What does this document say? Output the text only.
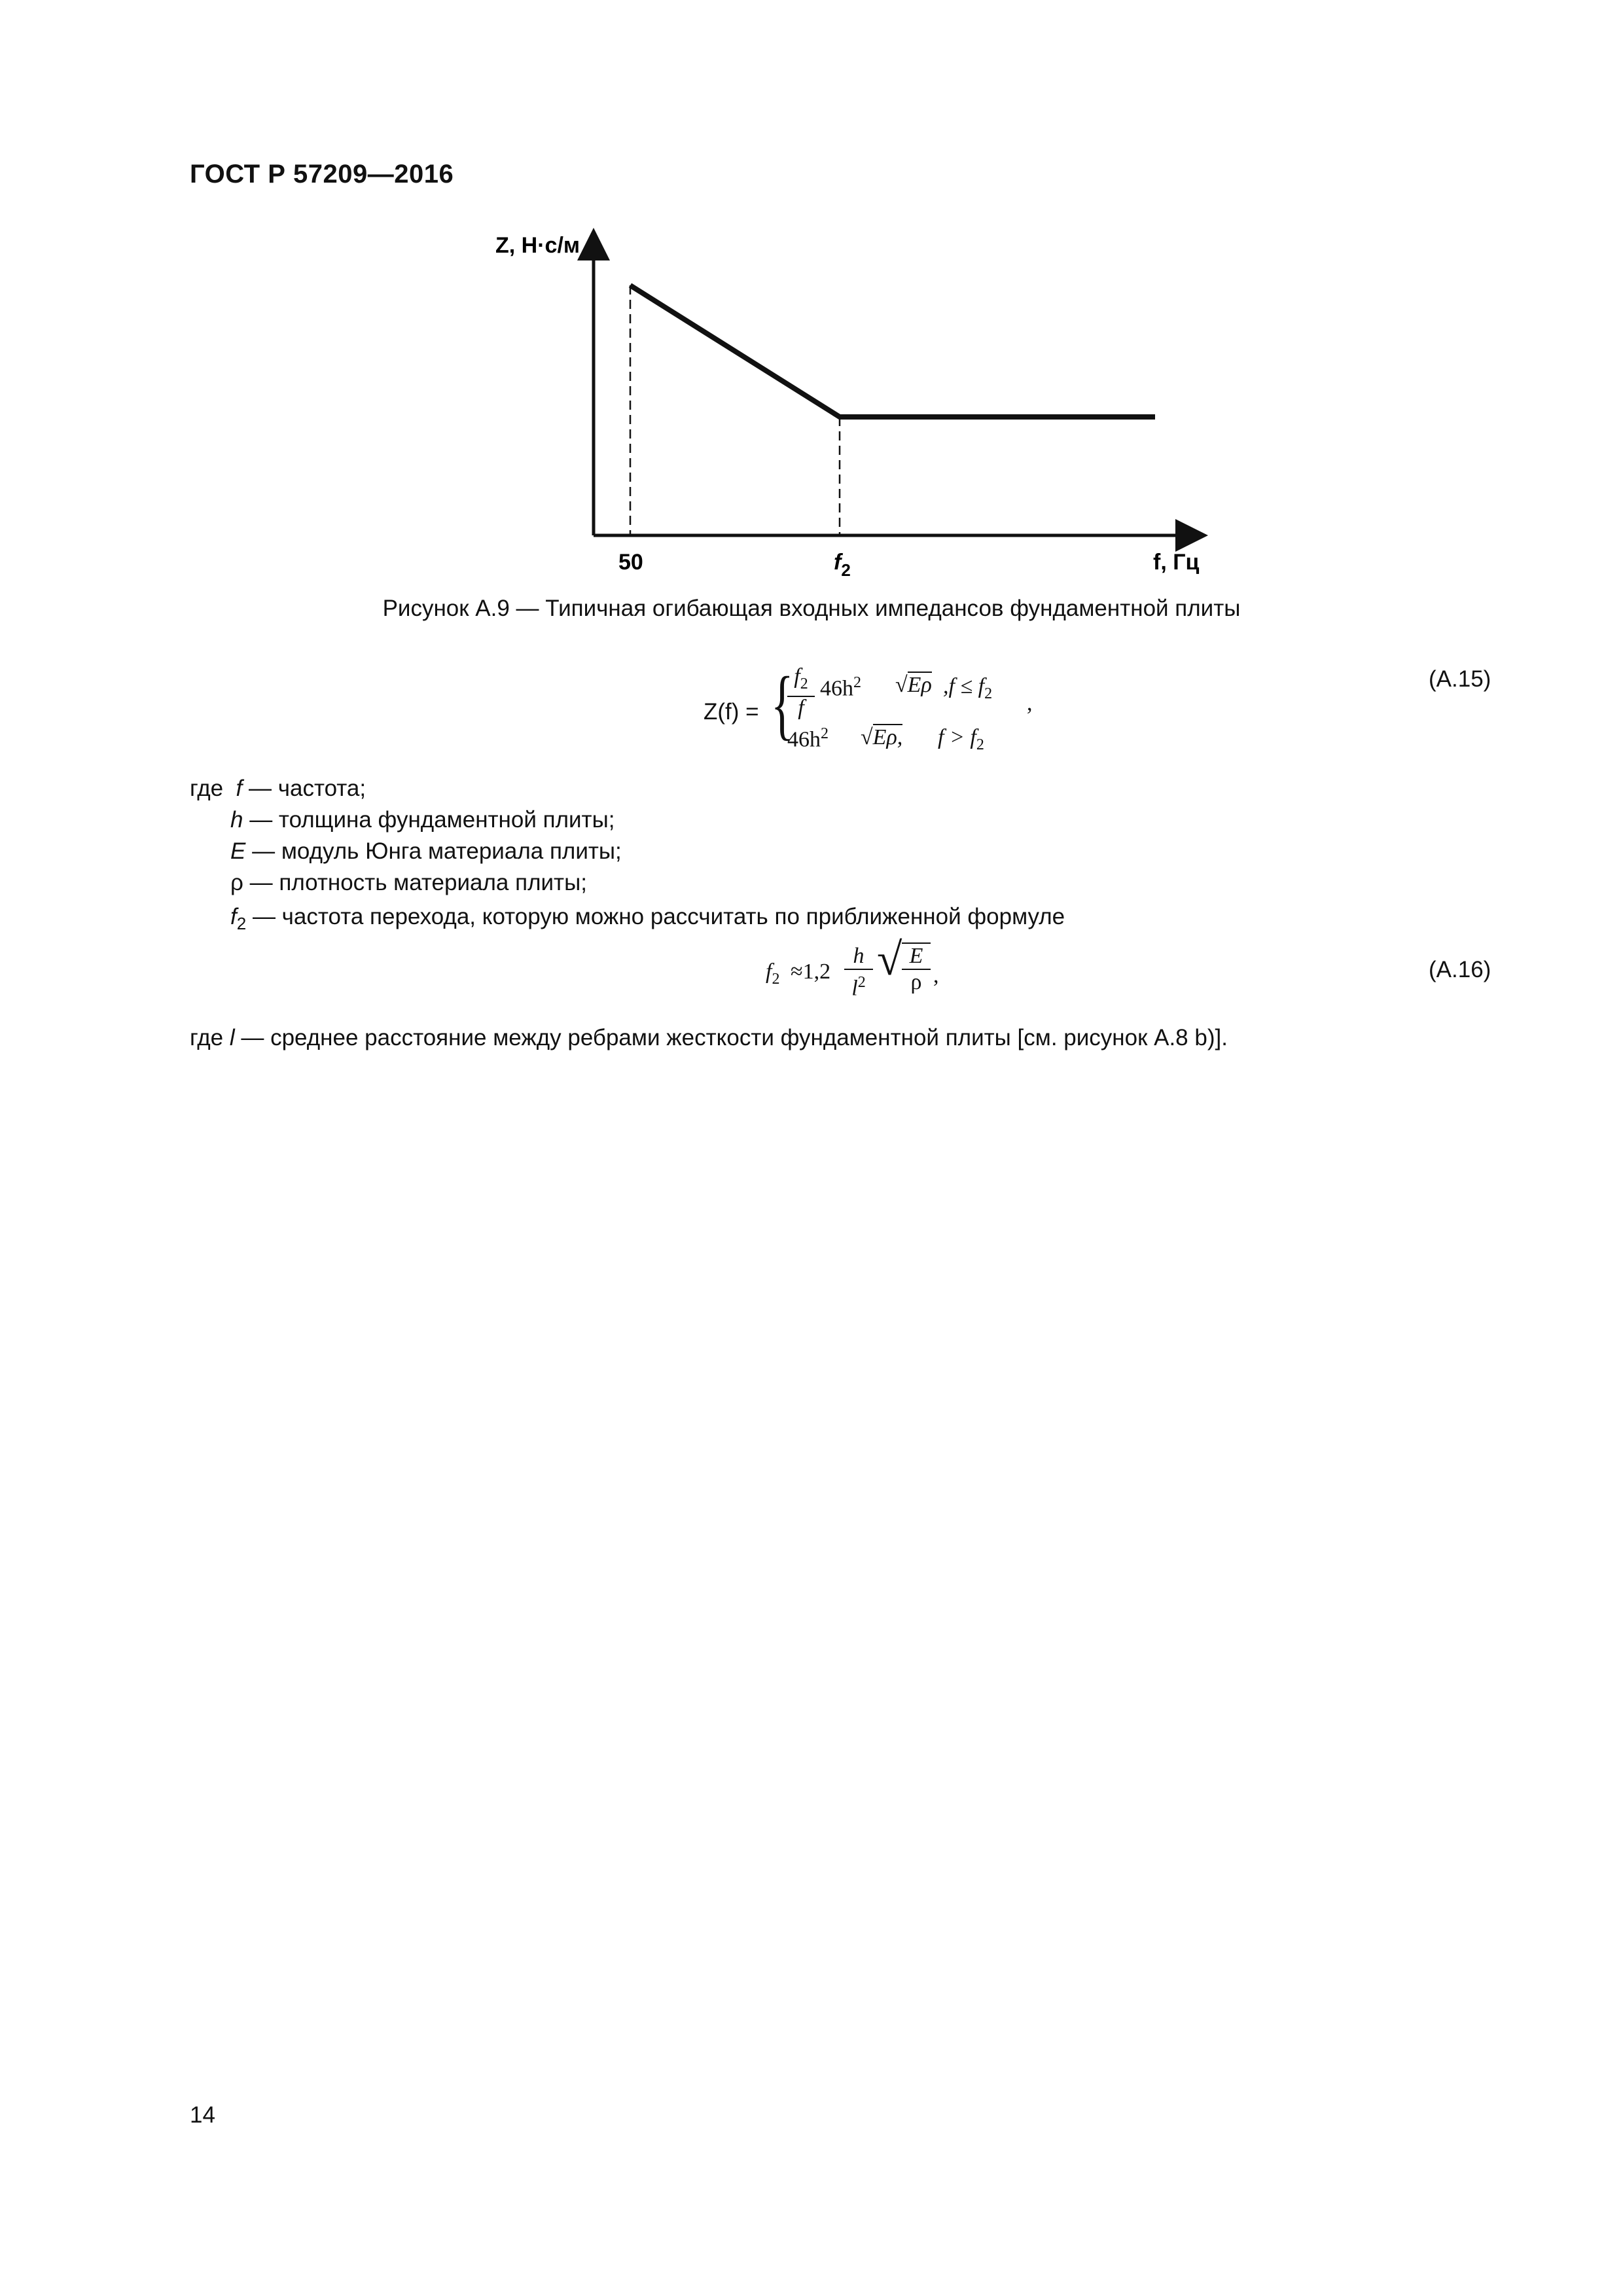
ГОСТ Р 57209—2016
Z, Н·с/м
50	$f_2$	f, Гц
Рисунок А.9 — Типичная огибающая входных импедансов фундаментной плиты
Z(f) = { $f_2$
f
$46h^2$ √Eρ $,f \le f_2$ ,
$46h^2$ √Eρ, $f > f_2$
(А.15)
где f — частота;
h — толщина фундаментной плиты;
E — модуль Юнга материала плиты;
ρ — плотность материала плиты;
$f_2$ — частота перехода, которую можно рассчитать по приближенной формуле
$f_2 \approx 1,2$
h
$l^2$ √ E
ρ ,	(А.16)
где l — среднее расстояние между ребрами жесткости фундаментной плиты [см. рисунок А.8 b)].
14
